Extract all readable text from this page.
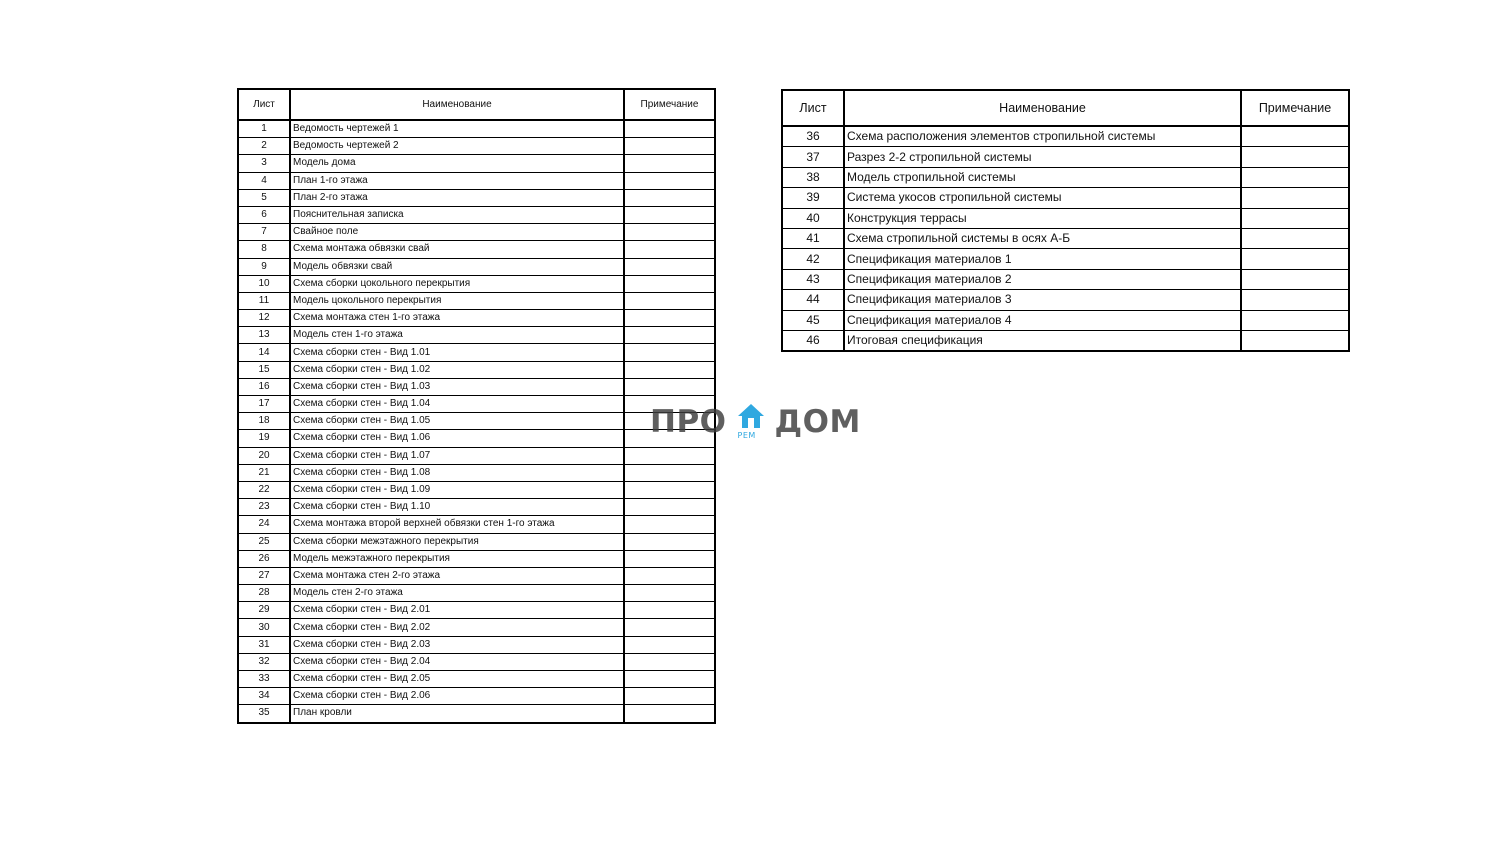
Лист	Наименование	Примечание
1	Ведомость чертежей 1	
2	Ведомость чертежей 2	
3	Модель дома	
4	План 1-го этажа	
5	План 2-го этажа	
6	Пояснительная записка	
7	Свайное поле	
8	Схема монтажа обвязки свай	
9	Модель обвязки свай	
10	Схема сборки цокольного перекрытия	
11	Модель цокольного перекрытия	
12	Схема монтажа стен 1-го этажа	
13	Модель стен 1-го этажа	
14	Схема сборки стен - Вид 1.01	
15	Схема сборки стен - Вид 1.02	
16	Схема сборки стен - Вид 1.03	
17	Схема сборки стен - Вид 1.04	
18	Схема сборки стен - Вид 1.05	
19	Схема сборки стен - Вид 1.06	
20	Схема сборки стен - Вид 1.07	
21	Схема сборки стен - Вид 1.08	
22	Схема сборки стен - Вид 1.09	
23	Схема сборки стен - Вид 1.10	
24	Схема монтажа второй верхней обвязки стен 1-го этажа	
25	Схема сборки межэтажного перекрытия	
26	Модель межэтажного перекрытия	
27	Схема монтажа стен 2-го этажа	
28	Модель стен 2-го этажа	
29	Схема сборки стен - Вид 2.01	
30	Схема сборки стен - Вид 2.02	
31	Схема сборки стен - Вид 2.03	
32	Схема сборки стен - Вид 2.04	
33	Схема сборки стен - Вид 2.05	
34	Схема сборки стен - Вид 2.06	
35	План кровли	
Лист	Наименование	Примечание
36	Схема расположения элементов стропильной системы	
37	Разрез 2-2 стропильной системы	
38	Модель стропильной системы	
39	Система укосов стропильной системы	
40	Конструкция террасы	
41	Схема стропильной системы в осях А-Б	
42	Спецификация материалов 1	
43	Спецификация материалов 2	
44	Спецификация материалов 3	
45	Спецификация материалов 4	
46	Итоговая спецификация	
ПРО РЕМ ДОМ
